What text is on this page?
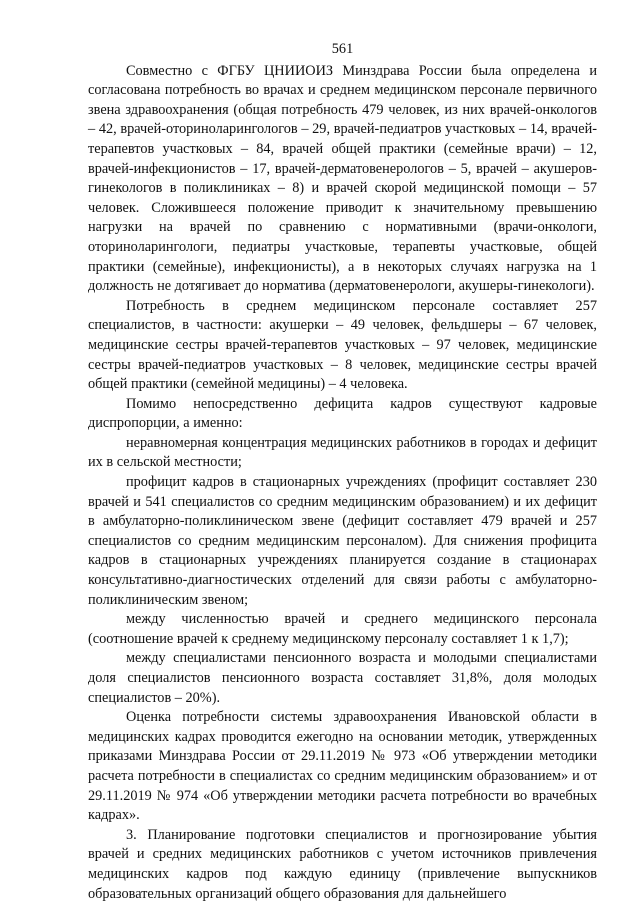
561

Совместно с ФГБУ ЦНИИОИЗ Минздрава России была определена и согласована потребность во врачах и среднем медицинском персонале первичного звена здравоохранения (общая потребность 479 человек, из них врачей-онкологов – 42, врачей-оториноларингологов – 29, врачей-педиатров участковых – 14, врачей-терапевтов участковых – 84, врачей общей практики (семейные врачи) – 12, врачей-инфекционистов – 17, врачей-дерматовенерологов – 5, врачей – акушеров-гинекологов в поликлиниках – 8) и врачей скорой медицинской помощи – 57 человек. Сложившееся положение приводит к значительному превышению нагрузки на врачей по сравнению с нормативными (врачи-онкологи, оториноларингологи, педиатры участковые, терапевты участковые, общей практики (семейные), инфекционисты), а в некоторых случаях нагрузка на 1 должность не дотягивает до норматива (дерматовенерологи, акушеры-гинекологи).

Потребность в среднем медицинском персонале составляет 257 специалистов, в частности: акушерки – 49 человек, фельдшеры – 67 человек, медицинские сестры врачей-терапевтов участковых – 97 человек, медицинские сестры врачей-педиатров участковых – 8 человек, медицинские сестры врачей общей практики (семейной медицины) – 4 человека.

Помимо непосредственно дефицита кадров существуют кадровые диспропорции, а именно:

неравномерная концентрация медицинских работников в городах и дефицит их в сельской местности;

профицит кадров в стационарных учреждениях (профицит составляет 230 врачей и 541 специалистов со средним медицинским образованием) и их дефицит в амбулаторно-поликлиническом звене (дефицит составляет 479 врачей и 257 специалистов со средним медицинским персоналом). Для снижения профицита кадров в стационарных учреждениях планируется создание в стационарах консультативно-диагностических отделений для связи работы с амбулаторно-поликлиническим звеном;

между численностью врачей и среднего медицинского персонала (соотношение врачей к среднему медицинскому персоналу составляет 1 к 1,7);

между специалистами пенсионного возраста и молодыми специалистами доля специалистов пенсионного возраста составляет 31,8%, доля молодых специалистов – 20%).

Оценка потребности системы здравоохранения Ивановской области в медицинских кадрах проводится ежегодно на основании методик, утвержденных приказами Минздрава России от 29.11.2019 № 973 «Об утверждении методики расчета потребности в специалистах со средним медицинским образованием» и от 29.11.2019 № 974 «Об утверждении методики расчета потребности во врачебных кадрах».

3. Планирование подготовки специалистов и прогнозирование убытия врачей и средних медицинских работников с учетом источников привлечения медицинских кадров под каждую единицу (привлечение выпускников образовательных организаций общего образования для дальнейшего
